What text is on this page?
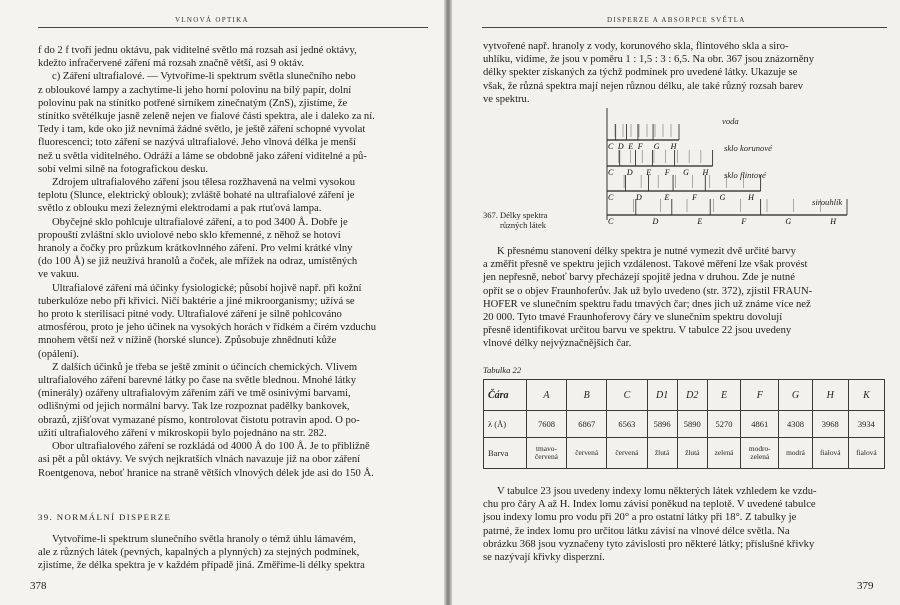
VLNOVÁ OPTIKA

f do 2 f tvoří jednu oktávu, pak viditelné světlo má rozsah asi jedné oktávy,

kdežto infračervené záření má rozsah značně větší, asi 9 oktáv.

c) Záření ultrafialové. — Vytvoříme-li spektrum světla slunečního nebo

z obloukové lampy a zachytíme-li jeho horní polovinu na bílý papír, dolní

polovinu pak na stínítko potřené sirníkem zinečnatým (ZnS), zjistíme, že

stínítko světélkuje jasně zeleně nejen ve fialové části spektra, ale i daleko za ní.

Tedy i tam, kde oko již nevnímá žádné světlo, je ještě záření schopné vyvolat

fluorescenci; toto záření se nazývá ultrafialové. Jeho vlnová délka je menší

než u světla viditelného. Odráží a láme se obdobně jako záření viditelné a pů-

sobí velmi silně na fotografickou desku.

Zdrojem ultrafialového záření jsou tělesa rozžhavená na velmi vysokou

teplotu (Slunce, elektrický oblouk); zvláště bohaté na ultrafialové záření je

světlo z oblouku mezi železnými elektrodami a pak rtuťová lampa.

Obyčejné sklo pohlcuje ultrafialové záření, a to pod 3400 Å. Dobře je

propouští zvláštní sklo uviolové nebo sklo křemenné, z něhož se hotoví

hranoly a čočky pro průzkum krátkovlnného záření. Pro velmi krátké vlny

(do 100 Å) se již neužívá hranolů a čoček, ale mřížek na odraz, umístěných

ve vakuu.

Ultrafialové záření má účinky fysiologické; působí hojivě např. při kožní

tuberkulóze nebo při křivici. Ničí baktérie a jiné mikroorganismy; užívá se

ho proto k sterilisaci pitné vody. Ultrafialové záření je silně pohlcováno

atmosférou, proto je jeho účinek na vysokých horách v řídkém a čirém vzduchu

mnohem větší než v nížině (horské slunce). Způsobuje zhnědnutí kůže

(opálení).

Z dalších účinků je třeba se ještě zmínit o účincích chemických. Vlivem

ultrafialového záření barevné látky po čase na světle blednou. Mnohé látky

(minerály) ozářeny ultrafialovým zářením září ve tmě osinivými barvami,

odlišnými od jejich normální barvy. Tak lze rozpoznat padělky bankovek,

obrazů, zjišťovat vymazané písmo, kontrolovat čistotu potravin apod. O po-

užití ultrafialového záření v mikroskopii bylo pojednáno na str. 282.

Obor ultrafialového záření se rozkládá od 4000 Å do 100 Å. Je to přibližně

asi pět a půl oktávy. Ve svých nejkratších vlnách navazuje již na obor záření

Roentgenova, neboť hranice na straně větších vlnových délek jde asi do 150 Å.

39. NORMÁLNÍ DISPERZE

Vytvoříme-li spektrum slunečního světla hranoly o témž úhlu lámavém,

ale z různých látek (pevných, kapalných a plynných) za stejných podmínek,

zjistíme, že délka spektra je v každém případě jiná. Změříme-li délky spektra

378
DISPERZE A ABSORPCE SVĚTLA

vytvořené např. hranoly z vody, korunového skla, flintového skla a siro-

uhlíku, vidíme, že jsou v poměru 1 : 1,5 : 3 : 6,5. Na obr. 367 jsou znázorněny

délky spekter získaných za týchž podmínek pro uvedené látky. Ukazuje se

však, že různá spektra mají nejen různou délku, ale také různý rozsah barev

ve spektru.

CDEF G H
C D E F G H
C D E F G H
C D E F G H
voda
sklo korunové
sklo flintové
sirouhlík
367. Délky spektra
různých látek

K přesnému stanovení délky spektra je nutné vymezit dvě určité barvy

a změřit přesně ve spektru jejich vzdálenost. Takové měření lze však provést

jen nepřesně, neboť barvy přecházejí spojitě jedna v druhou. Zde je nutné

opřít se o objev Fraunhoferův. Jak už bylo uvedeno (str. 372), zjistil FRAUN-

HOFER ve slunečním spektru řadu tmavých čar; dnes jich už známe více než

20 000. Tyto tmavé Fraunhoferovy čáry ve slunečním spektru dovolují

přesně identifikovat určitou barvu ve spektru. V tabulce 22 jsou uvedeny

vlnové délky nejvýznačnějších čar.

Tabulka 22
Čára	A	B	C	D1	D2	E	F	G	H	K
λ (Å)	7608	6867	6563	5896	5890	5270	4861	4308	3968	3934
Barva	tmavo-
červená	červená	červená	žlutá	žlutá	zelená	modro-
zelená	modrá	fialová	fialová

V tabulce 23 jsou uvedeny indexy lomu některých látek vzhledem ke vzdu-

chu pro čáry A až H. Index lomu závisí poněkud na teplotě. V uvedené tabulce

jsou indexy lomu pro vodu při 20° a pro ostatní látky při 18°. Z tabulky je

patrné, že index lomu pro určitou látku závisí na vlnové délce světla. Na

obrázku 368 jsou vyznačeny tyto závislosti pro některé látky; příslušné křivky

se nazývají křivky disperzní.

379
